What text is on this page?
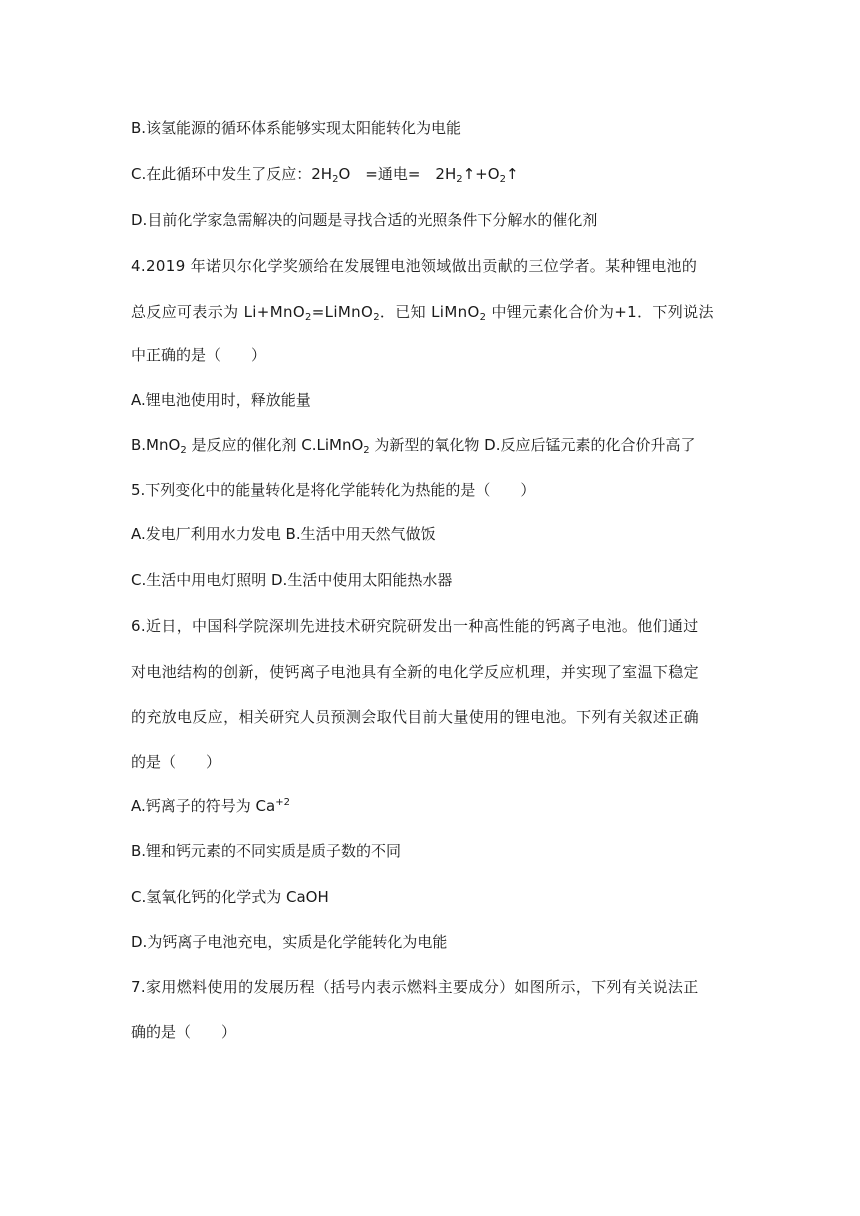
B.该氢能源的循环体系能够实现太阳能转化为电能
C.在此循环中发生了反应：$2H_2O$　=通电=　$2H_2↑+O_2↑$
D.目前化学家急需解决的问题是寻找合适的光照条件下分解水的催化剂
4.2019 年诺贝尔化学奖颁给在发展锂电池领域做出贡献的三位学者。某种锂电池的
总反应可表示为 Li+MnO$_2$=LiMnO$_2$．已知 LiMnO$_2$ 中锂元素化合价为+1．下列说法
中正确的是（　　）
A.锂电池使用时，释放能量
B.MnO$_2$ 是反应的催化剂 C.LiMnO$_2$ 为新型的氧化物 D.反应后锰元素的化合价升高了
5.下列变化中的能量转化是将化学能转化为热能的是（　　）
A.发电厂利用水力发电 B.生活中用天然气做饭
C.生活中用电灯照明 D.生活中使用太阳能热水器
6.近日，中国科学院深圳先进技术研究院研发出一种高性能的钙离子电池。他们通过
对电池结构的创新，使钙离子电池具有全新的电化学反应机理，并实现了室温下稳定
的充放电反应，相关研究人员预测会取代目前大量使用的锂电池。下列有关叙述正确
的是（　　）
A.钙离子的符号为 $Ca^{+2}$
B.锂和钙元素的不同实质是质子数的不同
C.氢氧化钙的化学式为 CaOH
D.为钙离子电池充电，实质是化学能转化为电能
7.家用燃料使用的发展历程（括号内表示燃料主要成分）如图所示，下列有关说法正
确的是（　　）
